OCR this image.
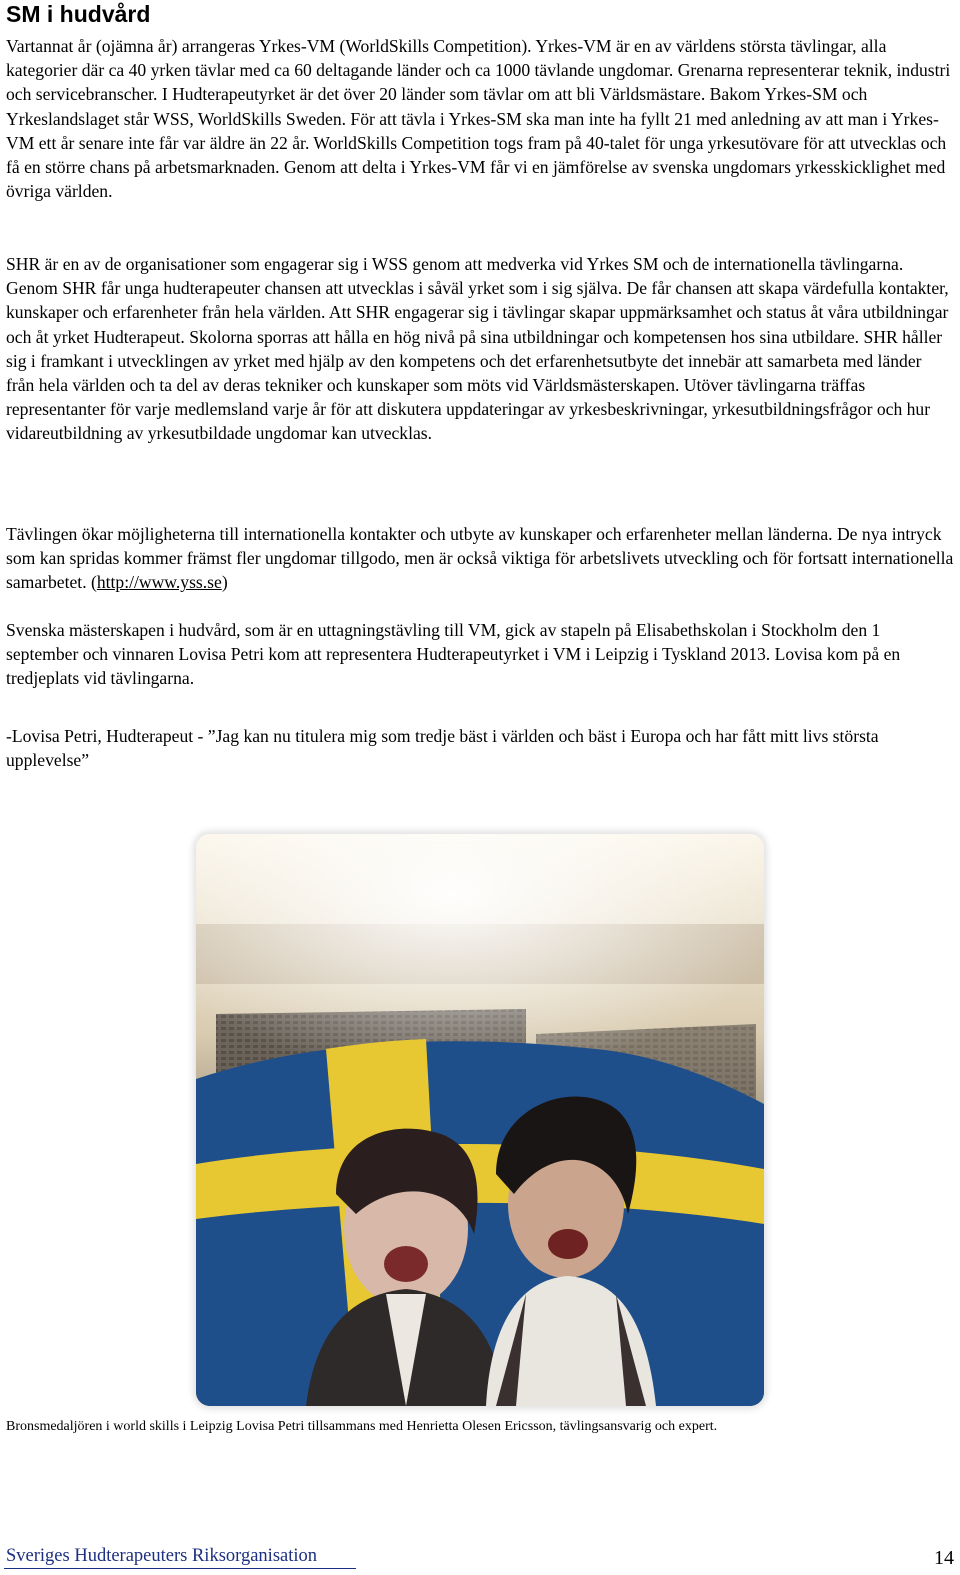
SM i hudvård

Vartannat år (ojämna år) arrangeras Yrkes-VM (WorldSkills Competition). Yrkes-VM är en av världens största tävlingar, alla kategorier där ca 40 yrken tävlar med ca 60 deltagande länder och ca 1000 tävlande ungdomar. Grenarna representerar teknik, industri och servicebranscher. I Hudterapeutyrket är det över 20 länder som tävlar om att bli Världsmästare. Bakom Yrkes-SM och Yrkeslandslaget står WSS, WorldSkills Sweden. För att tävla i Yrkes-SM ska man inte ha fyllt 21 med anledning av att man i Yrkes-VM ett år senare inte får var äldre än 22 år. WorldSkills Competition togs fram på 40-talet för unga yrkesutövare för att utvecklas och få en större chans på arbetsmarknaden. Genom att delta i Yrkes-VM får vi en jämförelse av svenska ungdomars yrkesskicklighet med övriga världen.

SHR är en av de organisationer som engagerar sig i WSS genom att medverka vid Yrkes SM och de internationella tävlingarna. Genom SHR får unga hudterapeuter chansen att utvecklas i såväl yrket som i sig själva. De får chansen att skapa värdefulla kontakter, kunskaper och erfarenheter från hela världen. Att SHR engagerar sig i tävlingar skapar uppmärksamhet och status åt våra utbildningar och åt yrket Hudterapeut. Skolorna sporras att hålla en hög nivå på sina utbildningar och kompetensen hos sina utbildare. SHR håller sig i framkant i utvecklingen av yrket med hjälp av den kompetens och det erfarenhetsutbyte det innebär att samarbeta med länder från hela världen och ta del av deras tekniker och kunskaper som möts vid Världsmästerskapen. Utöver tävlingarna träffas representanter för varje medlemsland varje år för att diskutera uppdateringar av yrkesbeskrivningar, yrkesutbildningsfrågor och hur vidareutbildning av yrkesutbildade ungdomar kan utvecklas.

Tävlingen ökar möjligheterna till internationella kontakter och utbyte av kunskaper och erfarenheter mellan länderna. De nya intryck som kan spridas kommer främst fler ungdomar tillgodo, men är också viktiga för arbetslivets utveckling och för fortsatt internationella samarbetet. (http://www.yss.se)

Svenska mästerskapen i hudvård, som är en uttagningstävling till VM, gick av stapeln på Elisabethskolan i Stockholm den 1 september och vinnaren Lovisa Petri kom att representera Hudterapeutyrket i VM i Leipzig i Tyskland 2013. Lovisa kom på en tredjeplats vid tävlingarna.

-Lovisa Petri, Hudterapeut - ”Jag kan nu titulera mig som tredje bäst i världen och bäst i Europa och har fått mitt livs största upplevelse”

Bronsmedaljören i world skills i Leipzig Lovisa Petri tillsammans med Henrietta Olesen Ericsson, tävlingsansvarig och expert.

Sveriges Hudterapeuters Riksorganisation	14
